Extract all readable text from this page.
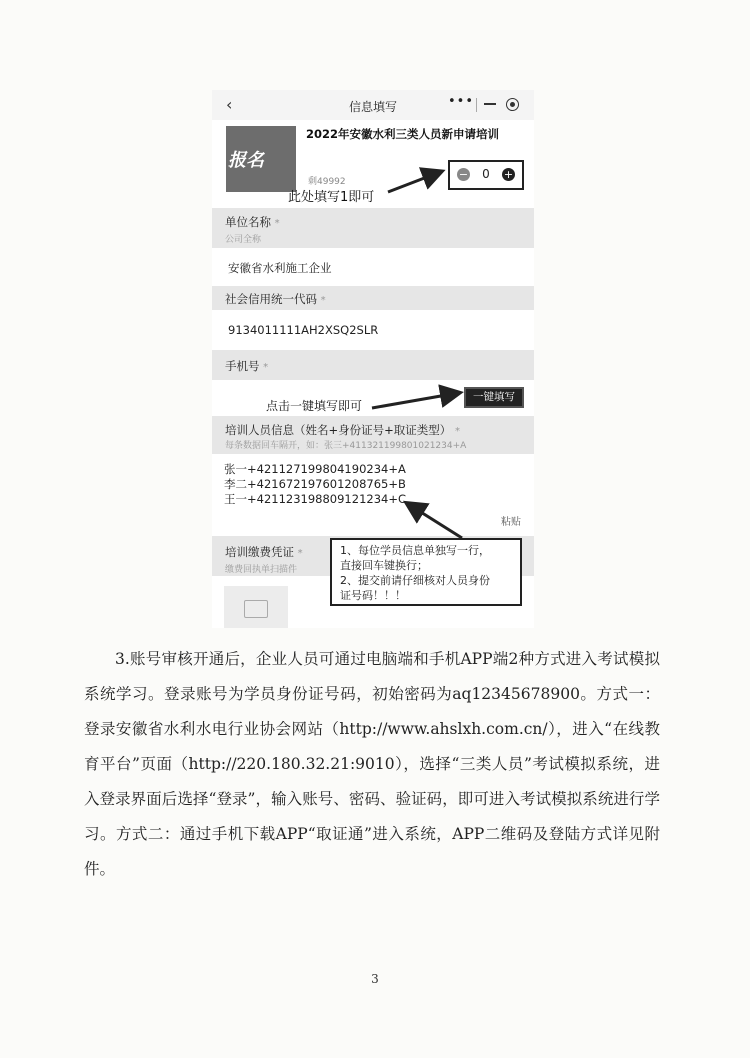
‹	信息填写	•••
报名
2022年安徽水利三类人员新申请培训
剩49992
− 0 +
单位名称 *
公司全称
安徽省水利施工企业
社会信用统一代码 *
9134011111AH2XSQ2SLR
手机号 *
一键填写
培训人员信息（姓名+身份证号+取证类型） *
每条数据回车隔开，如：张三+41132119980102123​4+A
张一+421127199804190234+A
李二+421672197601208765+B
王一+421123198809121234+C
粘贴
培训缴费凭证 *
缴费回执单扫描件
此处填写1即可
点击一键填写即可
1、每位学员信息单独写一行，
直接回车键换行；
2、提交前请仔细核对人员身份
证号码！！！

3.账号审核开通后，企业人员可通过电脑端和手机APP端2种方式进入考试模拟系统学习。登录账号为学员身份证号码，初始密码为aq12345678900。方式一：登录安徽省水利水电行业协会网站（http://www.ahslxh.com.cn/），进入“在线教育平台”页面（http://220.180.32.21:9010），选择“三类人员”考试模拟系统，进入登录界面后选择“登录”，输入账号、密码、验证码，即可进入考试模拟系统进行学习。方式二：通过手机下载APP“取证通”进入系统，APP二维码及登陆方式详见附件。

3
